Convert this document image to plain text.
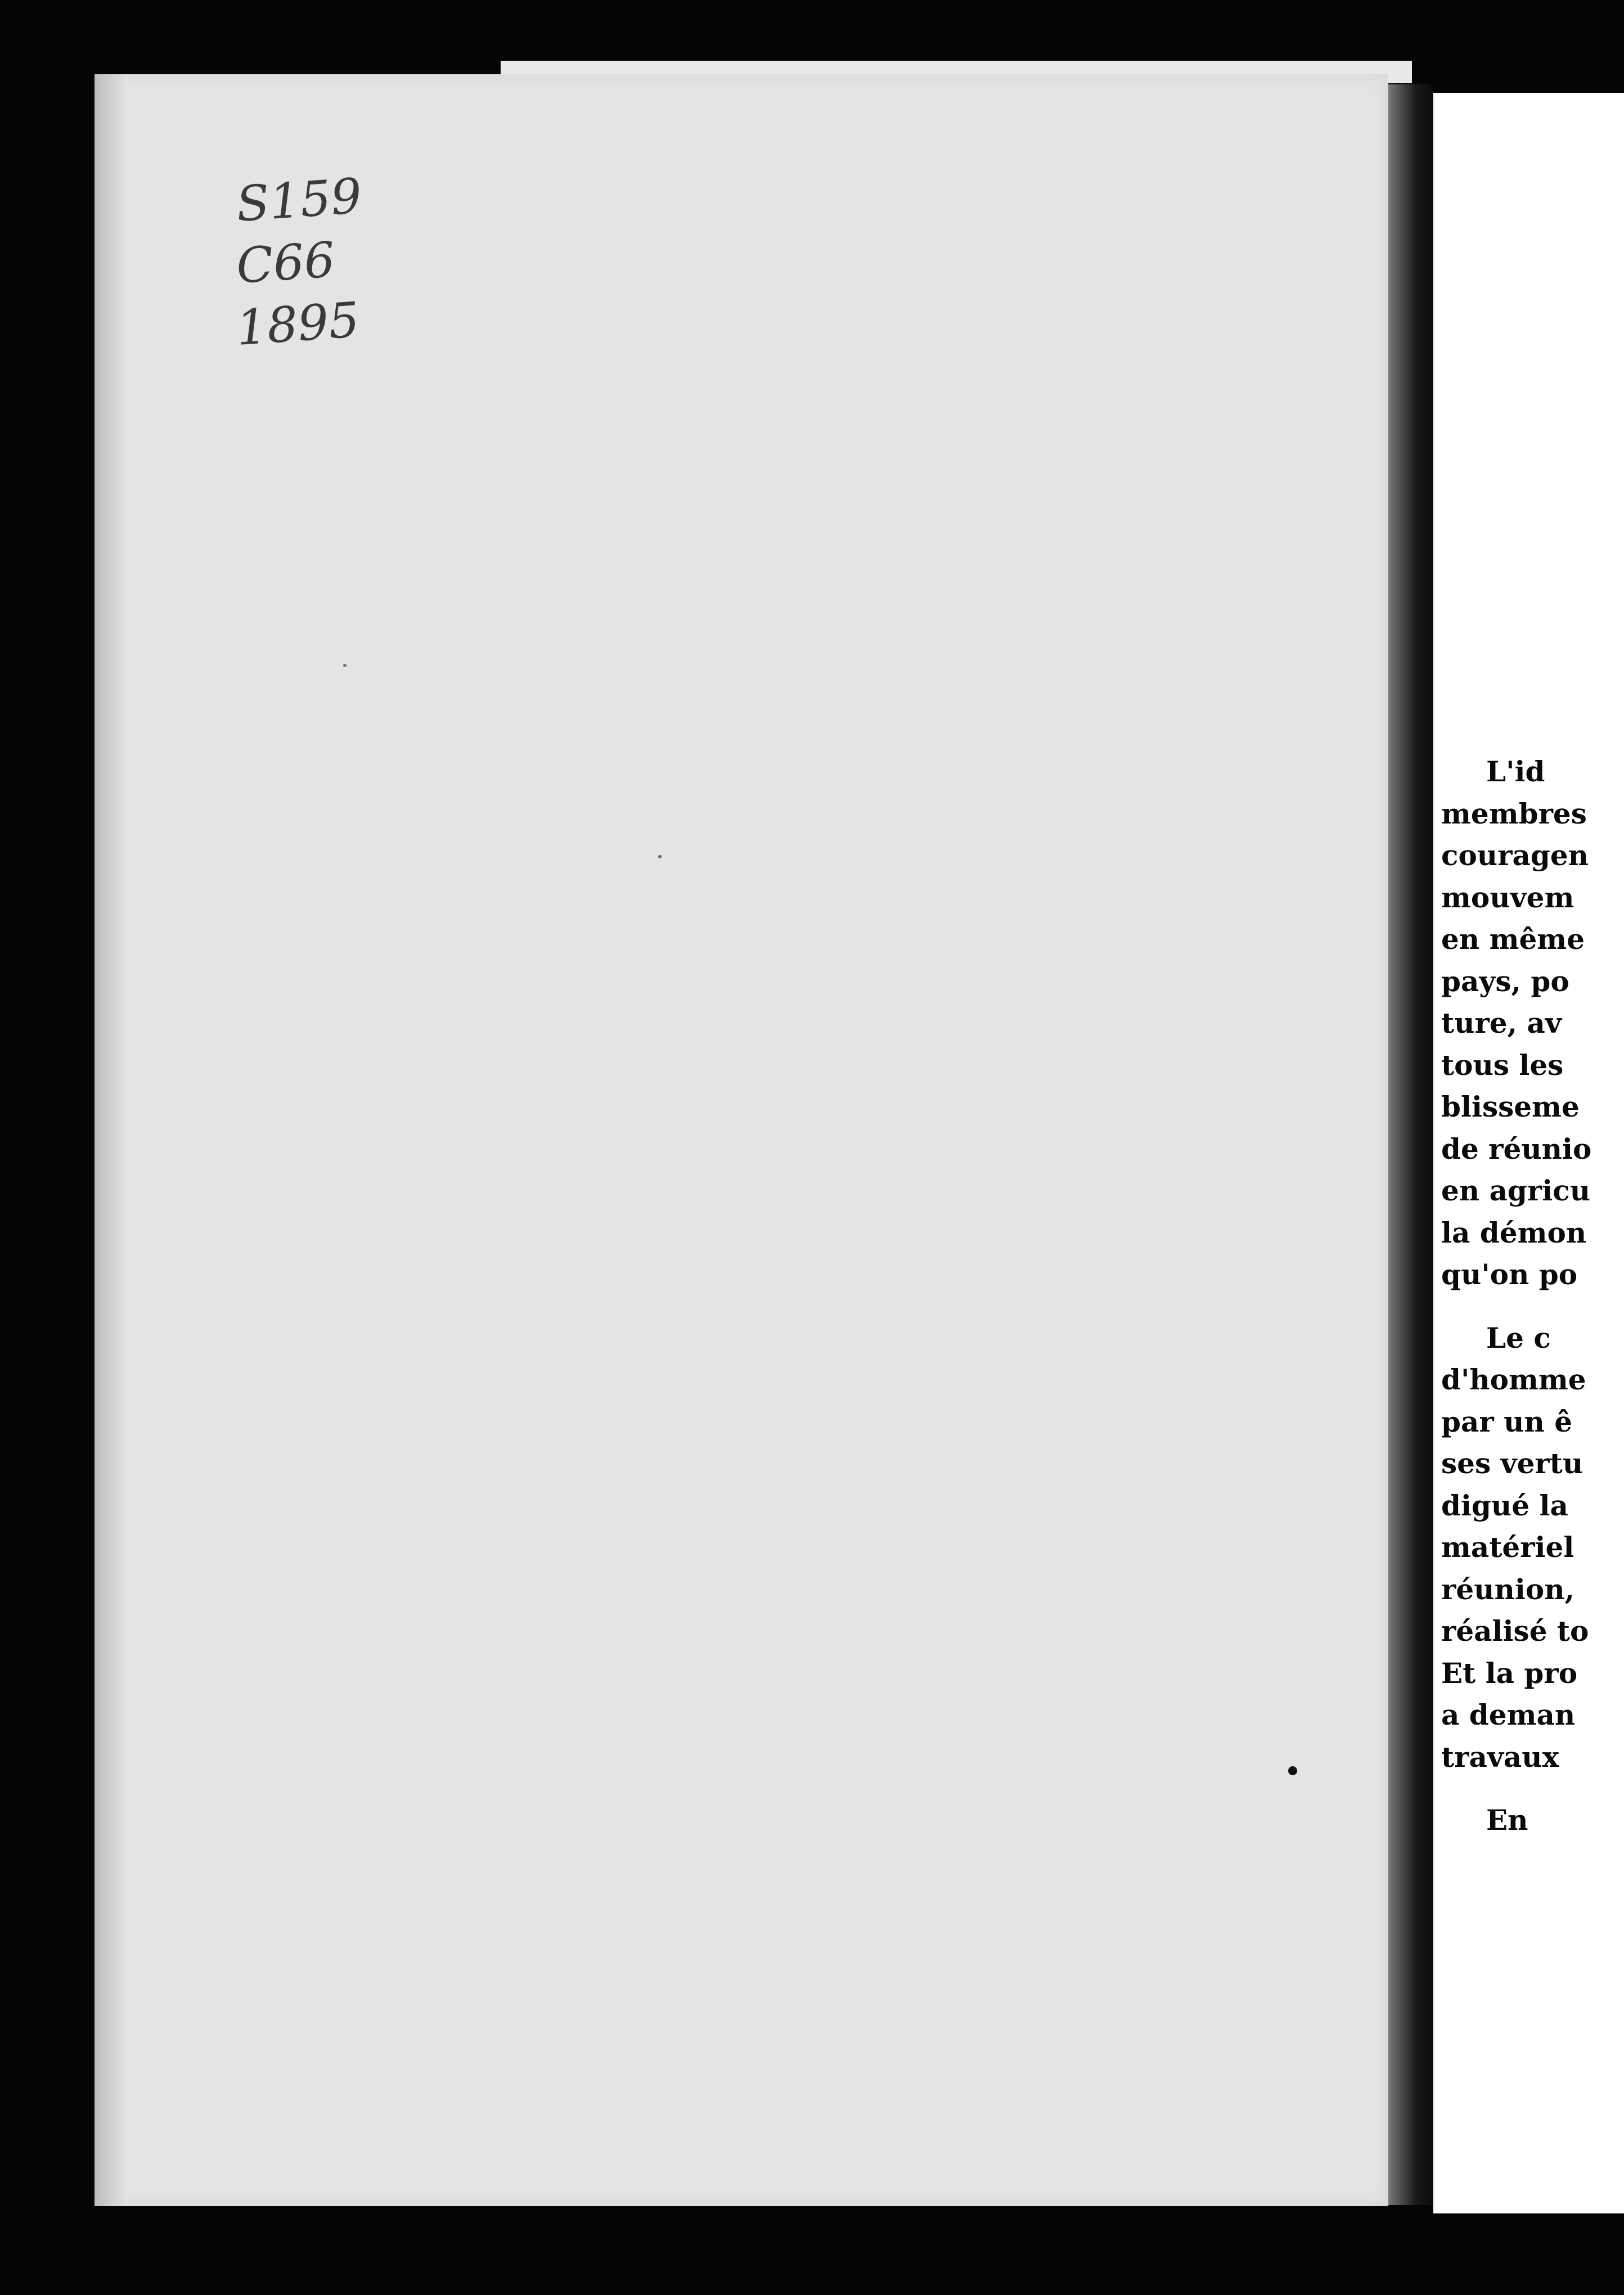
S159
C66
1895
L'id
membres
couragen
mouvem
en même
pays, po
ture, av
tous les
blisseme
de réunio
en agricu
la démon
qu'on po
Le c
d'homme
par un ê
ses vertu
digué la
matériel
réunion,
réalisé to
Et la pro
a deman
travaux
En
